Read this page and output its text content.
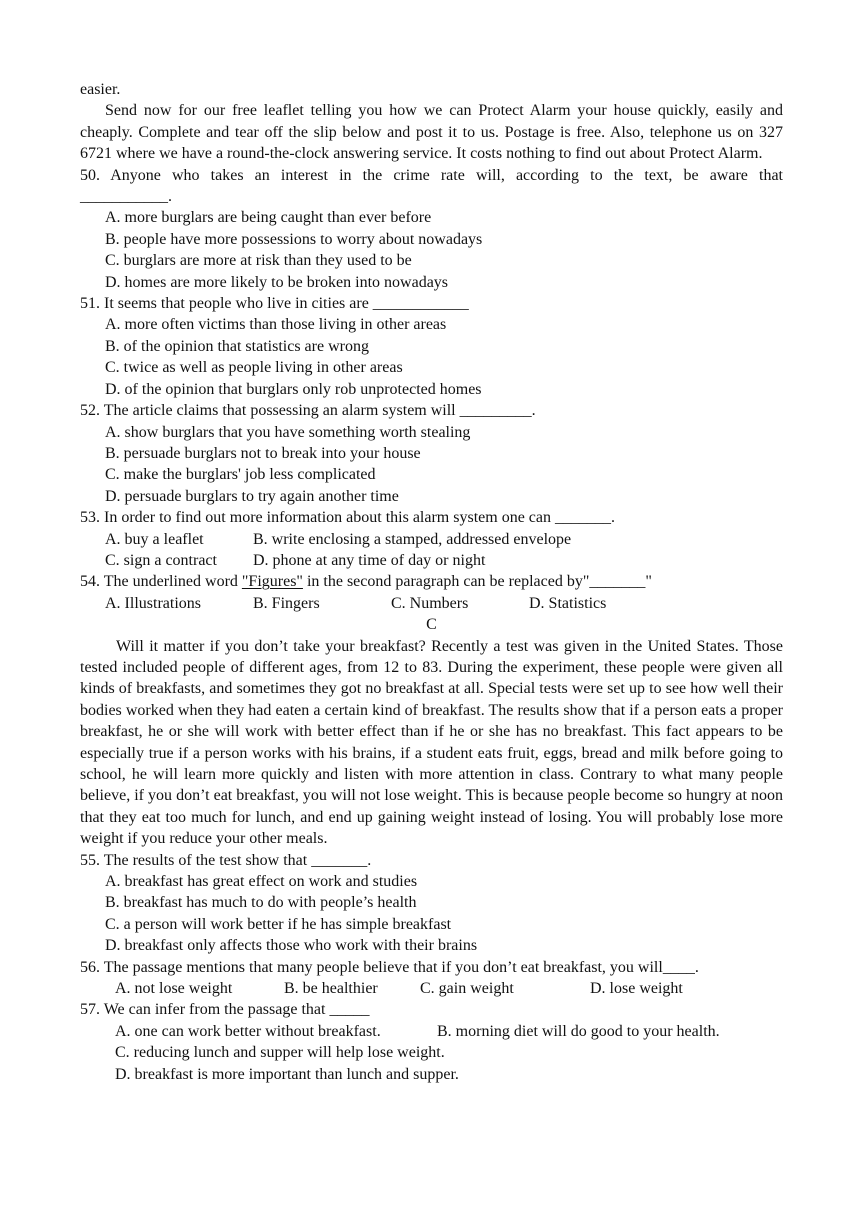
easier.
Send now for our free leaflet telling you how we can Protect Alarm your house quickly, easily and cheaply. Complete and tear off the slip below and post it to us. Postage is free. Also, telephone us on 327 6721 where we have a round-the-clock answering service. It costs nothing to find out about Protect Alarm.
50. Anyone who takes an interest in the crime rate will, according to the text, be aware that
___________.
A. more burglars are being caught than ever before
B. people have more possessions to worry about nowadays
C. burglars are more at risk than they used to be
D. homes are more likely to be broken into nowadays
51. It seems that people who live in cities are ____________
A. more often victims than those living in other areas
B. of the opinion that statistics are wrong
C. twice as well as people living in other areas
D. of the opinion that burglars only rob unprotected homes
52. The article claims that possessing an alarm system will _________.
A. show burglars that you have something worth stealing
B. persuade burglars not to break into your house
C. make the burglars' job less complicated
D. persuade burglars to try again another time
53. In order to find out more information about this alarm system one can _______.
A. buy a leaflet	B. write enclosing a stamped, addressed envelope
C. sign a contract	D. phone at any time of day or night
54. The underlined word "Figures" in the second paragraph can be replaced by"_______"
A. Illustrations	B. Fingers	C. Numbers	D. Statistics
C
Will it matter if you don’t take your breakfast? Recently a test was given in the United States. Those tested included people of different ages, from 12 to 83. During the experiment, these people were given all kinds of breakfasts, and sometimes they got no breakfast at all. Special tests were set up to see how well their bodies worked when they had eaten a certain kind of breakfast. The results show that if a person eats a proper breakfast, he or she will work with better effect than if he or she has no breakfast. This fact appears to be especially true if a person works with his brains, if a student eats fruit, eggs, bread and milk before going to school, he will learn more quickly and listen with more attention in class. Contrary to what many people believe, if you don’t eat breakfast, you will not lose weight. This is because people become so hungry at noon that they eat too much for lunch, and end up gaining weight instead of losing. You will probably lose more weight if you reduce your other meals.
55. The results of the test show that _______.
A. breakfast has great effect on work and studies
B. breakfast has much to do with people’s health
C. a person will work better if he has simple breakfast
D. breakfast only affects those who work with their brains
56. The passage mentions that many people believe that if you don’t eat breakfast, you will____.
A. not lose weight	B. be healthier	C. gain weight	D. lose weight
57. We can infer from the passage that _____
A. one can work better without breakfast.	B. morning diet will do good to your health.
C. reducing lunch and supper will help lose weight.
D. breakfast is more important than lunch and supper.
